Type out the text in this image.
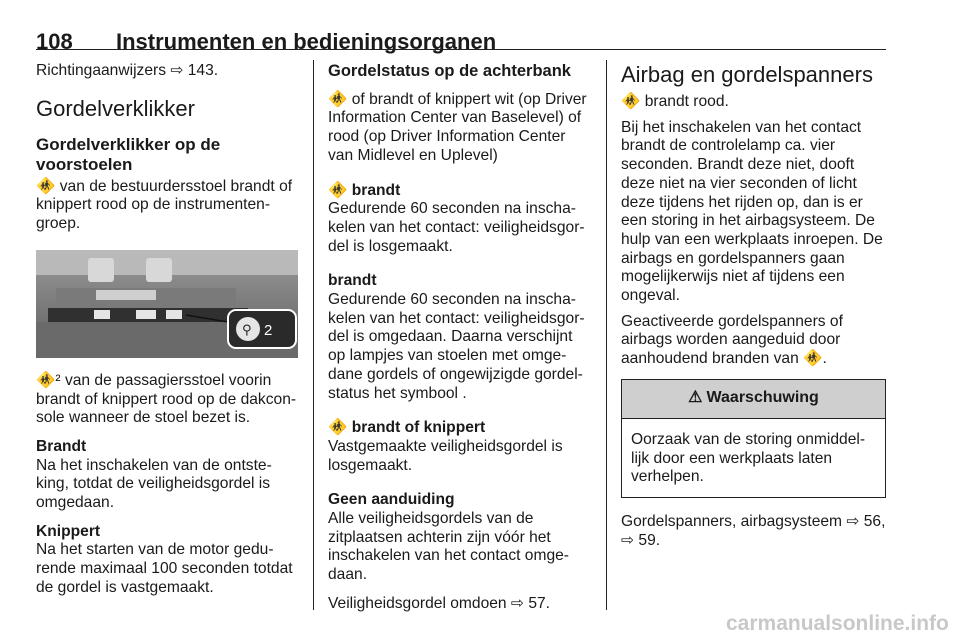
108 Instrumenten en bedieningsorganen

Richtingaanwijzers ⇨ 143.

Gordelverklikker
Gordelverklikker op de voorstoelen

🚸 van de bestuurdersstoel brandt of knippert rood op de instrumenten-groep.

⚲ 2

🚸² van de passagiersstoel voorin brandt of knippert rood op de dakcon-sole wanneer de stoel bezet is.

Brandt

Na het inschakelen van de ontste-king, totdat de veiligheidsgordel is omgedaan.

Knippert

Na het starten van de motor gedu-rende maximaal 100 seconden totdat de gordel is vastgemaakt.

Gordelstatus op de achterbank

🚸 of brandt of knippert wit (op Driver Information Center van Baselevel) of rood (op Driver Information Center van Midlevel en Uplevel)

🚸 brandt

Gedurende 60 seconden na inscha-kelen van het contact: veiligheidsgor-del is losgemaakt.

brandt

Gedurende 60 seconden na inscha-kelen van het contact: veiligheidsgor-del is omgedaan. Daarna verschijnt op lampjes van stoelen met omge-dane gordels of ongewijzigde gordel-status het symbool .

🚸 brandt of knippert

Vastgemaakte veiligheidsgordel is losgemaakt.

Geen aanduiding

Alle veiligheidsgordels van de zitplaatsen achterin zijn vóór het inschakelen van het contact omge-daan.

Veiligheidsgordel omdoen ⇨ 57.

Airbag en gordelspanners

🚸 brandt rood.

Bij het inschakelen van het contact brandt de controlelamp ca. vier seconden. Brandt deze niet, dooft deze niet na vier seconden of licht deze tijdens het rijden op, dan is er een storing in het airbagsysteem. De hulp van een werkplaats inroepen. De airbags en gordelspanners gaan mogelijkerwijs niet af tijdens een ongeval.

Geactiveerde gordelspanners of airbags worden aangeduid door aanhoudend branden van 🚸.

⚠ Waarschuwing
Oorzaak van de storing onmiddel-lijk door een werkplaats laten verhelpen.

Gordelspanners, airbagsysteem ⇨ 56, ⇨ 59.

carmanualsonline.info
